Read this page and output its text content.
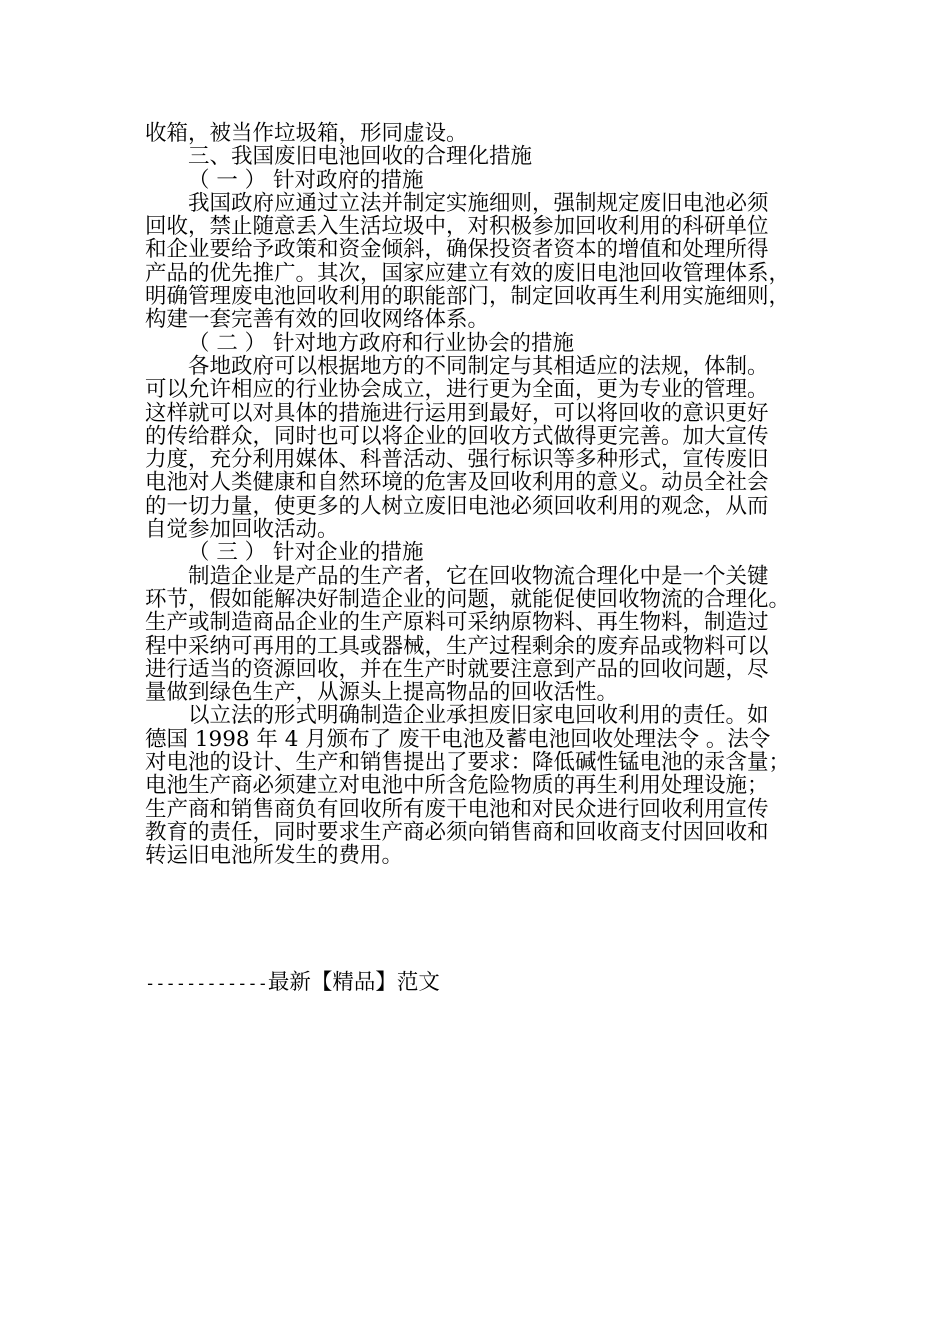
收箱，被当作垃圾箱，形同虚设。
三、我国废旧电池回收的合理化措施
（ 一 ） 针对政府的措施
我国政府应通过立法并制定实施细则，强制规定废旧电池必须
回收，禁止随意丢入生活垃圾中，对积极参加回收利用的科研单位
和企业要给予政策和资金倾斜，确保投资者资本的增值和处理所得
产品的优先推广。其次，国家应建立有效的废旧电池回收管理体系，
明确管理废电池回收利用的职能部门，制定回收再生利用实施细则，
构建一套完善有效的回收网络体系。
（ 二 ） 针对地方政府和行业协会的措施
各地政府可以根据地方的不同制定与其相适应的法规，体制。
可以允许相应的行业协会成立，进行更为全面，更为专业的管理。
这样就可以对具体的措施进行运用到最好，可以将回收的意识更好
的传给群众，同时也可以将企业的回收方式做得更完善。加大宣传
力度，充分利用媒体、科普活动、强行标识等多种形式，宣传废旧
电池对人类健康和自然环境的危害及回收利用的意义。动员全社会
的一切力量，使更多的人树立废旧电池必须回收利用的观念，从而
自觉参加回收活动。
（ 三 ） 针对企业的措施
制造企业是产品的生产者，它在回收物流合理化中是一个关键
环节，假如能解决好制造企业的问题，就能促使回收物流的合理化。
生产或制造商品企业的生产原料可采纳原物料、再生物料，制造过
程中采纳可再用的工具或器械，生产过程剩余的废弃品或物料可以
进行适当的资源回收，并在生产时就要注意到产品的回收问题，尽
量做到绿色生产，从源头上提高物品的回收活性。
以立法的形式明确制造企业承担废旧家电回收利用的责任。如
德国 1998 年 4 月颁布了 废干电池及蓄电池回收处理法令 。法令
对电池的设计、生产和销售提出了要求：降低碱性锰电池的汞含量；
电池生产商必须建立对电池中所含危险物质的再生利用处理设施；
生产商和销售商负有回收所有废干电池和对民众进行回收利用宣传
教育的责任，同时要求生产商必须向销售商和回收商支付因回收和
转运旧电池所发生的费用。
------------最新【精品】范文
